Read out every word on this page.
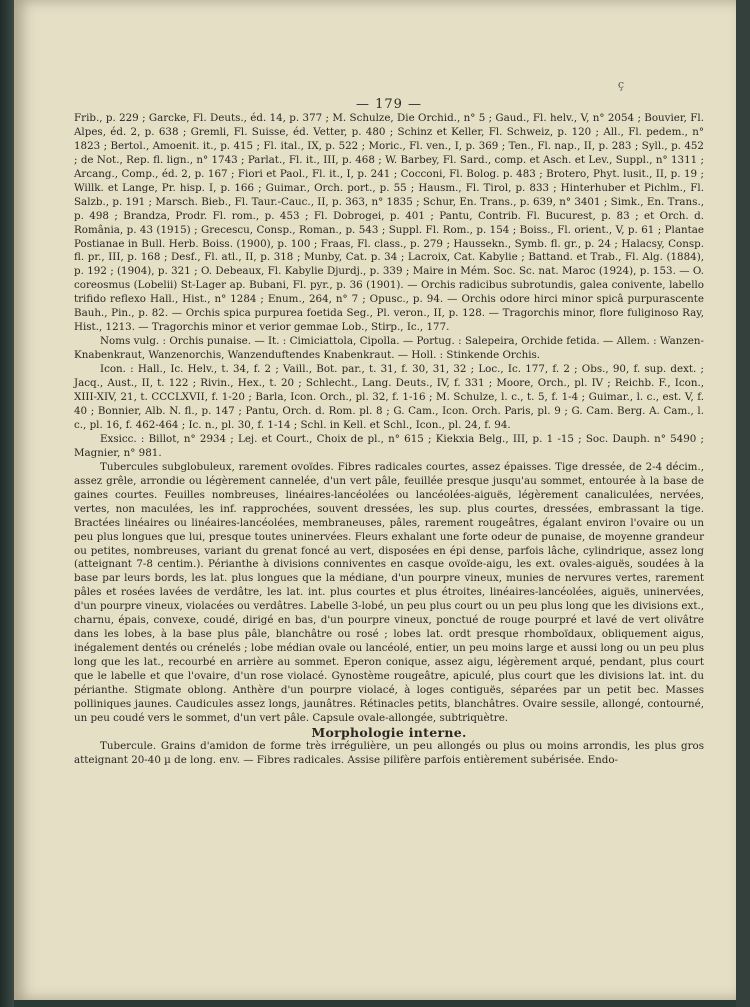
ç

— 179 —

Frib., p. 229 ; Garcke, Fl. Deuts., éd. 14, p. 377 ; M. Schulze, Die Orchid., n° 5 ; Gaud., Fl. helv., V, n° 2054 ; Bouvier, Fl. Alpes, éd. 2, p. 638 ; Gremli, Fl. Suisse, éd. Vetter, p. 480 ; Schinz et Keller, Fl. Schweiz, p. 120 ; All., Fl. pedem., n° 1823 ; Bertol., Amoenit. it., p. 415 ; Fl. ital., IX, p. 522 ; Moric., Fl. ven., I, p. 369 ; Ten., Fl. nap., II, p. 283 ; Syll., p. 452 ; de Not., Rep. fl. lign., n° 1743 ; Parlat., Fl. it., III, p. 468 ; W. Barbey, Fl. Sard., comp. et Asch. et Lev., Suppl., n° 1311 ; Arcang., Comp., éd. 2, p. 167 ; Fiori et Paol., Fl. it., I, p. 241 ; Cocconi, Fl. Bolog. p. 483 ; Brotero, Phyt. lusit., II, p. 19 ; Willk. et Lange, Pr. hisp. I, p. 166 ; Guimar., Orch. port., p. 55 ; Hausm., Fl. Tirol, p. 833 ; Hinterhuber et Pichlm., Fl. Salzb., p. 191 ; Marsch. Bieb., Fl. Taur.-Cauc., II, p. 363, n° 1835 ; Schur, En. Trans., p. 639, n° 3401 ; Simk., En. Trans., p. 498 ; Brandza, Prodr. Fl. rom., p. 453 ; Fl. Dobrogei, p. 401 ; Pantu, Contrib. Fl. Bucurest, p. 83 ; et Orch. d. România, p. 43 (1915) ; Grecescu, Consp., Roman., p. 543 ; Suppl. Fl. Rom., p. 154 ; Boiss., Fl. orient., V, p. 61 ; Plantae Postianae in Bull. Herb. Boiss. (1900), p. 100 ; Fraas, Fl. class., p. 279 ; Haussekn., Symb. fl. gr., p. 24 ; Halacsy, Consp. fl. pr., III, p. 168 ; Desf., Fl. atl., II, p. 318 ; Munby, Cat. p. 34 ; Lacroix, Cat. Kabylie ; Battand. et Trab., Fl. Alg. (1884), p. 192 ; (1904), p. 321 ; O. Debeaux, Fl. Kabylie Djurdj., p. 339 ; Maire in Mém. Soc. Sc. nat. Maroc (1924), p. 153. — O. coreosmus (Lobelii) St-Lager ap. Bubani, Fl. pyr., p. 36 (1901). — Orchis radicibus subrotundis, galea conivente, labello trifido reflexo Hall., Hist., n° 1284 ; Enum., 264, n° 7 ; Opusc., p. 94. — Orchis odore hirci minor spicâ purpurascente Bauh., Pin., p. 82. — Orchis spica purpurea foetida Seg., Pl. veron., II, p. 128. — Tragorchis minor, flore fuliginoso Ray, Hist., 1213. — Tragorchis minor et verior gemmae Lob., Stirp., Ic., 177.

Noms vulg. : Orchis punaise. — It. : Cimiciattola, Cipolla. — Portug. : Salepeira, Orchide fetida. — Allem. : Wanzen-Knabenkraut, Wanzenorchis, Wanzenduftendes Knabenkraut. — Holl. : Stinkende Orchis.

Icon. : Hall., Ic. Helv., t. 34, f. 2 ; Vaill., Bot. par., t. 31, f. 30, 31, 32 ; Loc., Ic. 177, f. 2 ; Obs., 90, f. sup. dext. ; Jacq., Aust., II, t. 122 ; Rivin., Hex., t. 20 ; Schlecht., Lang. Deuts., IV, f. 331 ; Moore, Orch., pl. IV ; Reichb. F., Icon., XIII-XIV, 21, t. CCCLXVII, f. 1-20 ; Barla, Icon. Orch., pl. 32, f. 1-16 ; M. Schulze, l. c., t. 5, f. 1-4 ; Guimar., l. c., est. V, f. 40 ; Bonnier, Alb. N. fl., p. 147 ; Pantu, Orch. d. Rom. pl. 8 ; G. Cam., Icon. Orch. Paris, pl. 9 ; G. Cam. Berg. A. Cam., l. c., pl. 16, f. 462-464 ; Ic. n., pl. 30, f. 1-14 ; Schl. in Kell. et Schl., Icon., pl. 24, f. 94.

Exsicc. : Billot, n° 2934 ; Lej. et Court., Choix de pl., n° 615 ; Kiekxia Belg., III, p. 1 -15 ; Soc. Dauph. n° 5490 ; Magnier, n° 981.

Tubercules subglobuleux, rarement ovoïdes. Fibres radicales courtes, assez épaisses. Tige dressée, de 2-4 décim., assez grêle, arrondie ou légèrement cannelée, d'un vert pâle, feuillée presque jusqu'au sommet, entourée à la base de gaines courtes. Feuilles nombreuses, linéaires-lancéolées ou lancéolées-aiguës, légèrement canaliculées, nervées, vertes, non maculées, les inf. rapprochées, souvent dressées, les sup. plus courtes, dressées, embrassant la tige. Bractées linéaires ou linéaires-lancéolées, membraneuses, pâles, rarement rougeâtres, égalant environ l'ovaire ou un peu plus longues que lui, presque toutes uninervées. Fleurs exhalant une forte odeur de punaise, de moyenne grandeur ou petites, nombreuses, variant du grenat foncé au vert, disposées en épi dense, parfois lâche, cylindrique, assez long (atteignant 7-8 centim.). Périanthe à divisions conniventes en casque ovoïde-aigu, les ext. ovales-aiguës, soudées à la base par leurs bords, les lat. plus longues que la médiane, d'un pourpre vineux, munies de nervures vertes, rarement pâles et rosées lavées de verdâtre, les lat. int. plus courtes et plus étroites, linéaires-lancéolées, aiguës, uninervées, d'un pourpre vineux, violacées ou verdâtres. Labelle 3-lobé, un peu plus court ou un peu plus long que les divisions ext., charnu, épais, convexe, coudé, dirigé en bas, d'un pourpre vineux, ponctué de rouge pourpré et lavé de vert olivâtre dans les lobes, à la base plus pâle, blanchâtre ou rosé ; lobes lat. ordt presque rhomboïdaux, obliquement aigus, inégalement dentés ou crénelés ; lobe médian ovale ou lancéolé, entier, un peu moins large et aussi long ou un peu plus long que les lat., recourbé en arrière au sommet. Eperon conique, assez aigu, légèrement arqué, pendant, plus court que le labelle et que l'ovaire, d'un rose violacé. Gynostème rougeâtre, apiculé, plus court que les divisions lat. int. du périanthe. Stigmate oblong. Anthère d'un pourpre violacé, à loges contiguës, séparées par un petit bec. Masses polliniques jaunes. Caudicules assez longs, jaunâtres. Rétinacles petits, blanchâtres. Ovaire sessile, allongé, contourné, un peu coudé vers le sommet, d'un vert pâle. Capsule ovale-allongée, subtriquètre.

Morphologie interne.

Tubercule. Grains d'amidon de forme très irrégulière, un peu allongés ou plus ou moins arrondis, les plus gros atteignant 20-40 µ de long. env. — Fibres radicales. Assise pilifère parfois entièrement subérisée. Endo-
